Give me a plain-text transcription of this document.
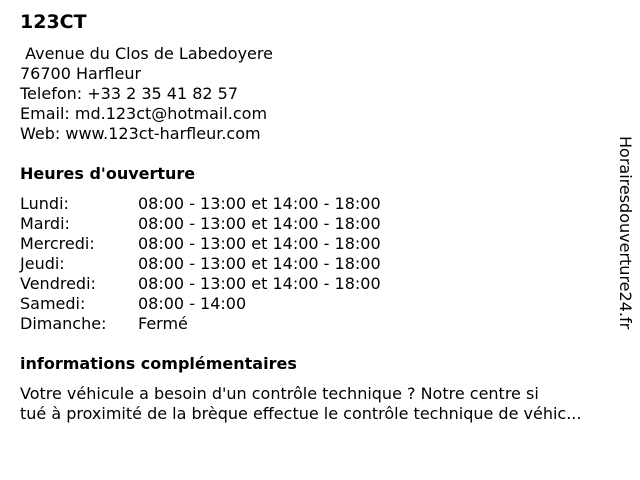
123CT
Avenue du Clos de Labedoyere
76700 Harfleur
Telefon: +33 2 35 41 82 57
Email: md.123ct@hotmail.com
Web: www.123ct-harfleur.com
Heures d'ouverture
Lundi:	08:00 - 13:00 et 14:00 - 18:00
Mardi:	08:00 - 13:00 et 14:00 - 18:00
Mercredi:	08:00 - 13:00 et 14:00 - 18:00
Jeudi:	08:00 - 13:00 et 14:00 - 18:00
Vendredi:	08:00 - 13:00 et 14:00 - 18:00
Samedi:	08:00 - 14:00
Dimanche: Fermé
informations complémentaires
Votre véhicule a besoin d'un contrôle technique ? Notre centre si
tué à proximité de la brèque effectue le contrôle technique de véhic...
Horairesdouverture24.fr
